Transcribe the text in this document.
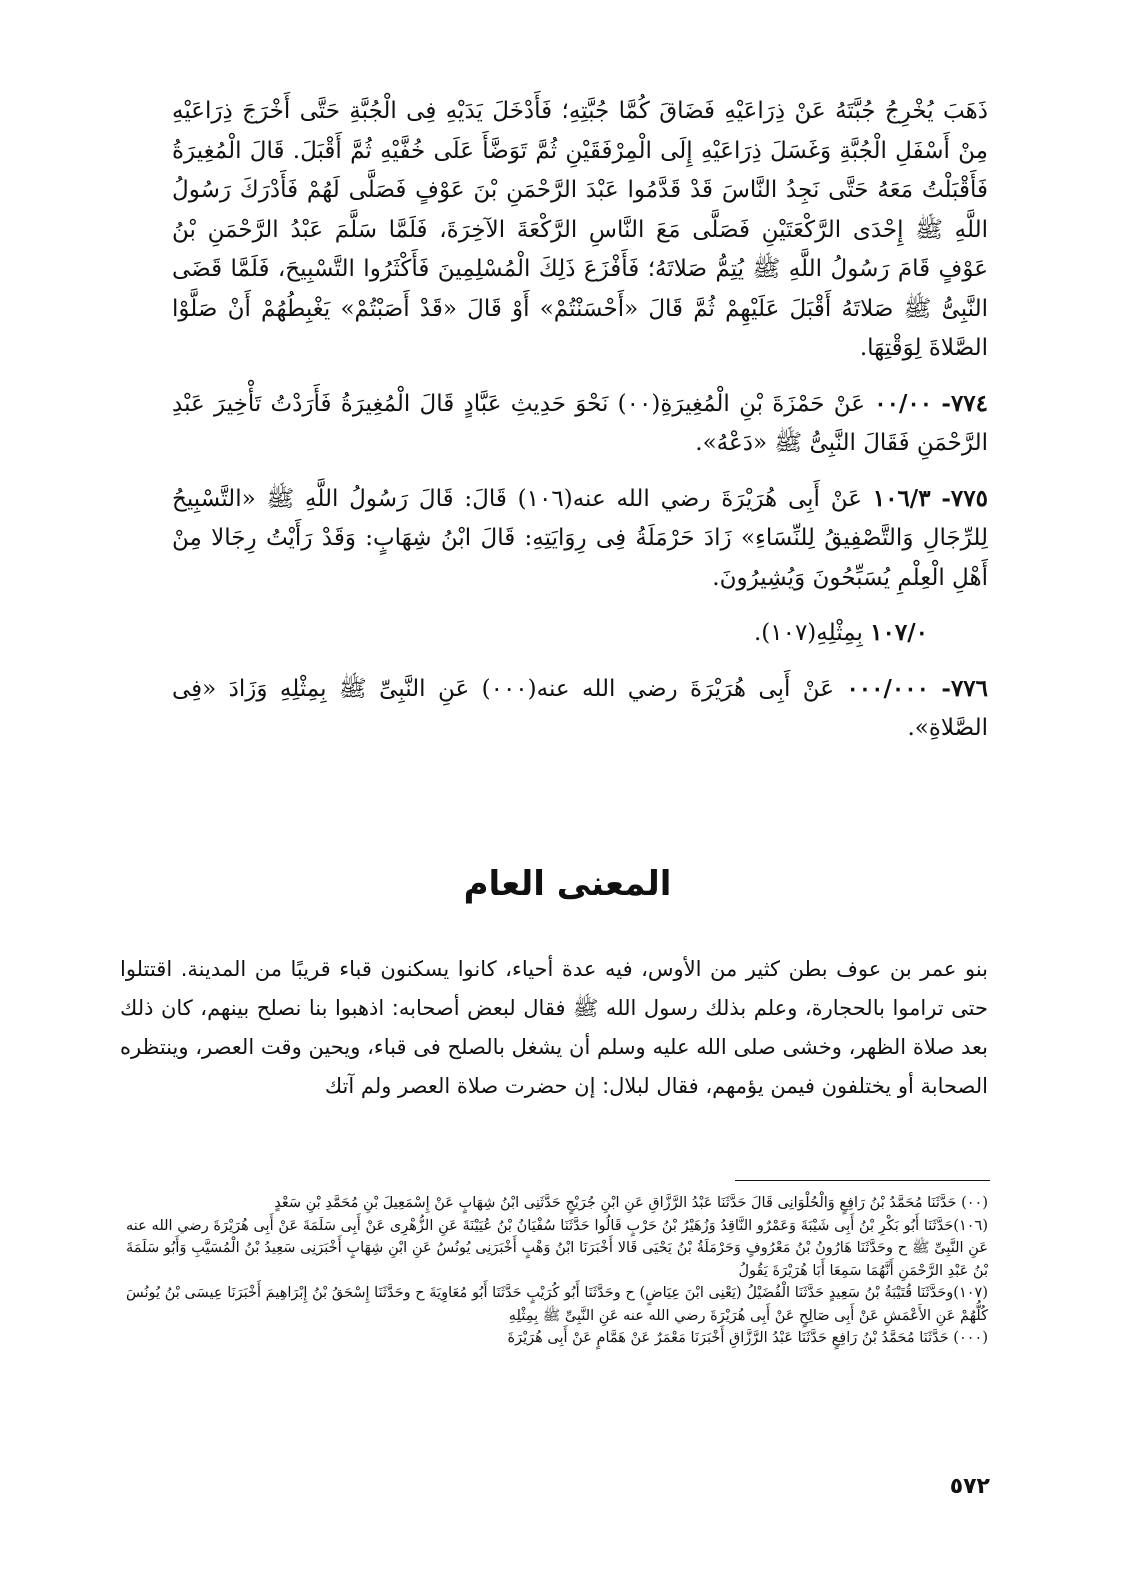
ذَهَبَ يُخْرِجُ جُبَّتَهُ عَنْ ذِرَاعَيْهِ فَضَاقَ كُمَّا جُبَّتِهِ؛ فَأَدْخَلَ يَدَيْهِ فِى الْجُبَّةِ حَتَّى أَخْرَجَ ذِرَاعَيْهِ مِنْ أَسْفَلِ الْجُبَّةِ وَغَسَلَ ذِرَاعَيْهِ إِلَى الْمِرْفَقَيْنِ ثُمَّ تَوَضَّأَ عَلَى خُفَّيْهِ ثُمَّ أَقْبَلَ. قَالَ الْمُغِيرَةُ فَأَقْبَلْتُ مَعَهُ حَتَّى نَجِدُ النَّاسَ قَدْ قَدَّمُوا عَبْدَ الرَّحْمَنِ بْنَ عَوْفٍ فَصَلَّى لَهُمْ فَأَدْرَكَ رَسُولُ اللَّهِ ﷺ إِحْدَى الرَّكْعَتَيْنِ فَصَلَّى مَعَ النَّاسِ الرَّكْعَةَ الآخِرَةَ، فَلَمَّا سَلَّمَ عَبْدُ الرَّحْمَنِ بْنُ عَوْفٍ قَامَ رَسُولُ اللَّهِ ﷺ يُتِمُّ صَلاتَهُ؛ فَأَفْزَعَ ذَلِكَ الْمُسْلِمِينَ فَأَكْثَرُوا التَّسْبِيحَ، فَلَمَّا قَضَى النَّبِىُّ ﷺ صَلاتَهُ أَقْبَلَ عَلَيْهِمْ ثُمَّ قَالَ «أَحْسَنْتُمْ» أَوْ قَالَ «قَدْ أَصَبْتُمْ» يَغْبِطُهُمْ أَنْ صَلَّوْا الصَّلاةَ لِوَقْتِهَا.

٧٧٤- ٠٠/٠٠ عَنْ حَمْزَةَ بْنِ الْمُغِيرَةِ(٠٠) نَحْوَ حَدِيثِ عَبَّادٍ قَالَ الْمُغِيرَةُ فَأَرَدْتُ تَأْخِيرَ عَبْدِ الرَّحْمَنِ فَقَالَ النَّبِىُّ ﷺ «دَعْهُ».

٧٧٥- ١٠٦/٣ عَنْ أَبِى هُرَيْرَةَ رضي الله عنه(١٠٦) قَالَ: قَالَ رَسُولُ اللَّهِ ﷺ «التَّسْبِيحُ لِلرِّجَالِ وَالتَّصْفِيقُ لِلنِّسَاءِ» زَادَ حَرْمَلَةُ فِى رِوَايَتِهِ: قَالَ ابْنُ شِهَابٍ: وَقَدْ رَأَيْتُ رِجَالا مِنْ أَهْلِ الْعِلْمِ يُسَبِّحُونَ وَيُشِيرُونَ.

١٠٧/٠ بِمِثْلِهِ(١٠٧).

٧٧٦- ٠٠٠/٠٠٠ عَنْ أَبِى هُرَيْرَةَ رضي الله عنه(٠٠٠) عَنِ النَّبِىِّ ﷺ بِمِثْلِهِ وَزَادَ «فِى الصَّلاةِ».

المعنى العام
بنو عمر بن عوف بطن كثير من الأوس، فيه عدة أحياء، كانوا يسكنون قباء قريبًا من المدينة. اقتتلوا حتى تراموا بالحجارة، وعلم بذلك رسول الله ﷺ فقال لبعض أصحابه: اذهبوا بنا نصلح بينهم، كان ذلك بعد صلاة الظهر، وخشى صلى الله عليه وسلم أن يشغل بالصلح فى قباء، ويحين وقت العصر، وينتظره الصحابة أو يختلفون فيمن يؤمهم، فقال لبلال: إن حضرت صلاة العصر ولم آتك

(٠٠) حَدَّثَنَا مُحَمَّدُ بْنُ رَافِعٍ وَالْحُلْوَانِى قَالَ حَدَّثَنَا عَبْدُ الرَّزَّاقِ عَنِ ابْنِ جُرَيْجٍ حَدَّثَنِى ابْنُ شِهَابٍ عَنْ إِسْمَعِيلَ بْنِ مُحَمَّدِ بْنِ سَعْدٍ

(١٠٦)حَدَّثَنَا أَبُو بَكْرِ بْنُ أَبِى شَيْبَةَ وَعَمْرٌو النَّاقِدُ وَزُهَيْرُ بْنُ حَرْبٍ قَالُوا حَدَّثَنَا سُفْيَانُ بْنُ عُيَيْنَةَ عَنِ الزُّهْرِى عَنْ أَبِى سَلَمَةَ عَنْ أَبِى هُرَيْرَةَ رضي الله عنه عَنِ النَّبِىِّ ﷺ ح وحَدَّثَنَا هَارُونُ بْنُ مَعْرُوفٍ وَحَرْمَلَةُ بْنُ يَحْيَى قَالا أَخْبَرَنَا ابْنُ وَهْبٍ أَخْبَرَنِى يُونُسُ عَنِ ابْنِ شِهَابٍ أَخْبَرَنِى سَعِيدُ بْنُ الْمُسَيَّبِ وَأَبُو سَلَمَةَ بْنُ عَبْدِ الرَّحْمَنِ أَنَّهُمَا سَمِعَا أَبَا هُرَيْرَةَ يَقُولُ

(١٠٧)وحَدَّثَنَا قُتَيْبَةُ بْنُ سَعِيدٍ حَدَّثَنَا الْفُضَيْلُ (يَعْنِى ابْنَ عِيَاضٍ) ح وحَدَّثَنَا أَبُو كُرَيْبٍ حَدَّثَنَا أَبُو مُعَاوِيَةَ ح وحَدَّثَنَا إِسْحَقُ بْنُ إِبْرَاهِيمَ أَخْبَرَنَا عِيسَى بْنُ يُونُسَ كُلُّهُمْ عَنِ الأَعْمَشِ عَنْ أَبِى صَالِحٍ عَنْ أَبِى هُرَيْرَةَ رضي الله عنه عَنِ النَّبِىِّ ﷺ بِمِثْلِهِ

(٠٠٠) حَدَّثَنَا مُحَمَّدُ بْنُ رَافِعٍ حَدَّثَنَا عَبْدُ الرَّزَّاقِ أَخْبَرَنَا مَعْمَرٌ عَنْ هَمَّامٍ عَنْ أَبِى هُرَيْرَةَ

٥٧٢
